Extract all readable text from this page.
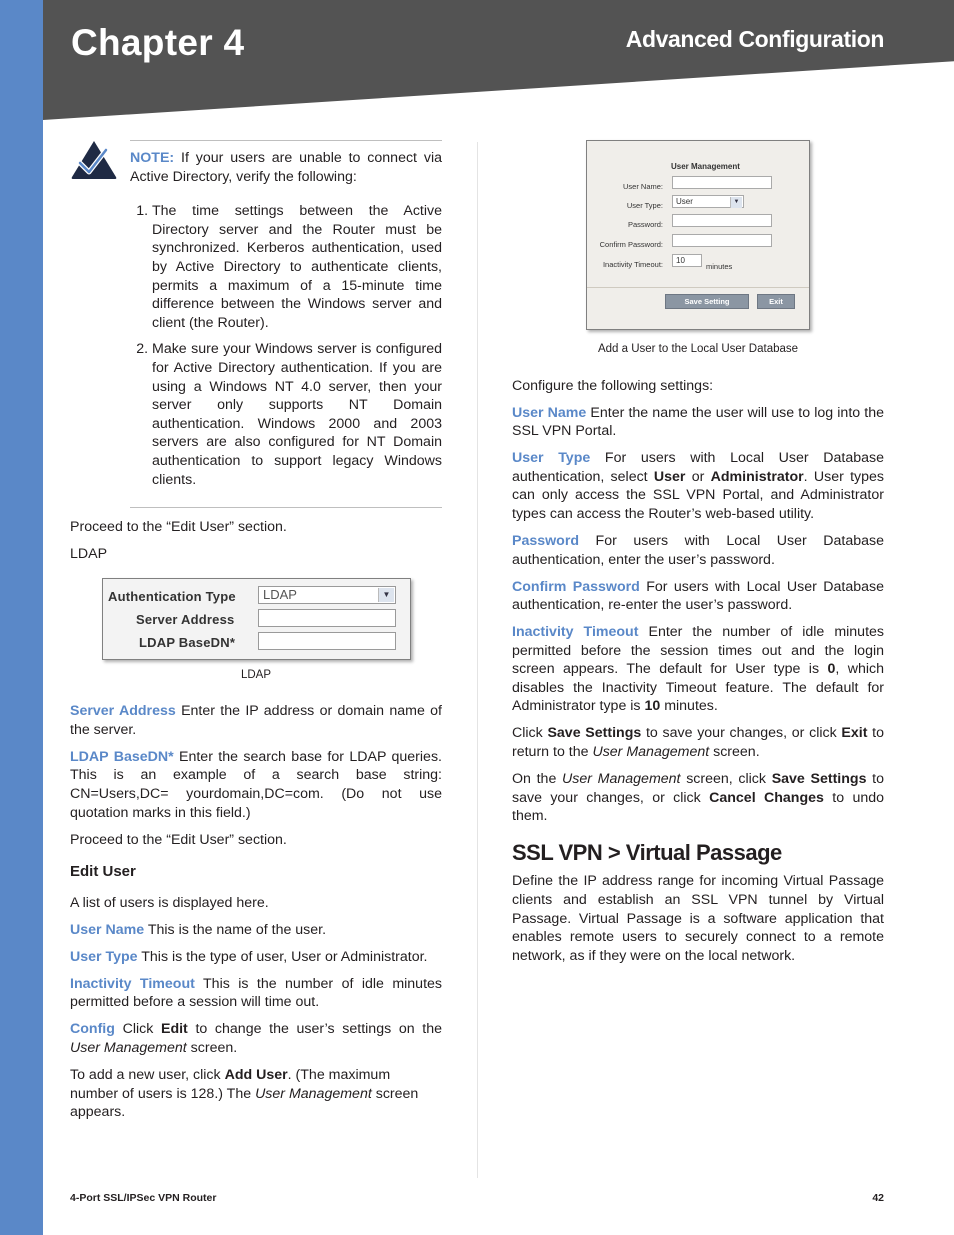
Chapter 4	Advanced Configuration

NOTE: If your users are unable to connect via Active Directory, verify the following:

1. The time settings between the Active Directory server and the Router must be synchronized. Kerberos authentication, used by Active Directory to authenticate clients, permits a maximum of a 15-minute time difference between the Windows server and client (the Router).
2. Make sure your Windows server is configured for Active Directory authentication. If you are using a Windows NT 4.0 server, then your server only supports NT Domain authentication. Windows 2000 and 2003 servers are also configured for NT Domain authentication to support legacy Windows clients.

Proceed to the “Edit User” section.

LDAP

Authentication Type	LDAP	▼
Server Address
LDAP BaseDN*
LDAP

Server Address Enter the IP address or domain name of the server.

LDAP BaseDN* Enter the search base for LDAP queries. This is an example of a search base string: CN=Users,DC= yourdomain,DC=com. (Do not use quotation marks in this field.)

Proceed to the “Edit User” section.

Edit User

A list of users is displayed here.

User Name This is the name of the user.

User Type This is the type of user, User or Administrator.

Inactivity Timeout This is the number of idle minutes permitted before a session will time out.

Config Click Edit to change the user’s settings on the User Management screen.

To add a new user, click Add User. (The maximum number of users is 128.) The User Management screen appears.

User Management
User Name:
User Type:	User	▼
Password:
Confirm Password:
Inactivity Timeout:	10
minutes
Save Setting	Exit
Add a User to the Local User Database

Configure the following settings:

User Name Enter the name the user will use to log into the SSL VPN Portal.

User Type For users with Local User Database authentication, select User or Administrator. User types can only access the SSL VPN Portal, and Administrator types can access the Router’s web-based utility.

Password For users with Local User Database authentication, enter the user’s password.

Confirm Password For users with Local User Database authentication, re-enter the user’s password.

Inactivity Timeout Enter the number of idle minutes permitted before the session times out and the login screen appears. The default for User type is 0, which disables the Inactivity Timeout feature. The default for Administrator type is 10 minutes.

Click Save Settings to save your changes, or click Exit to return to the User Management screen.

On the User Management screen, click Save Settings to save your changes, or click Cancel Changes to undo them.

SSL VPN > Virtual Passage

Define the IP address range for incoming Virtual Passage clients and establish an SSL VPN tunnel by Virtual Passage. Virtual Passage is a software application that enables remote users to securely connect to a remote network, as if they were on the local network.

4-Port SSL/IPSec VPN Router	42
